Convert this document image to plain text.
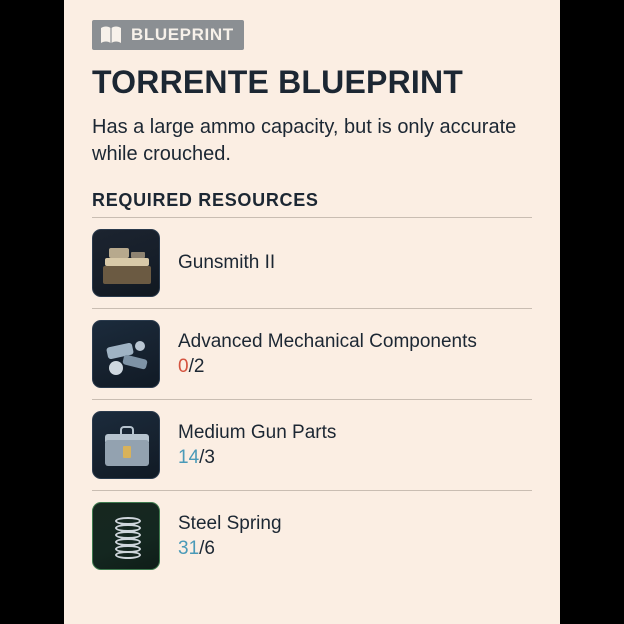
BLUEPRINT
TORRENTE BLUEPRINT

Has a large ammo capacity, but is only accurate while crouched.

REQUIRED RESOURCES
Gunsmith II
Advanced Mechanical Components
0/2
Medium Gun Parts
14/3
Steel Spring
31/6
